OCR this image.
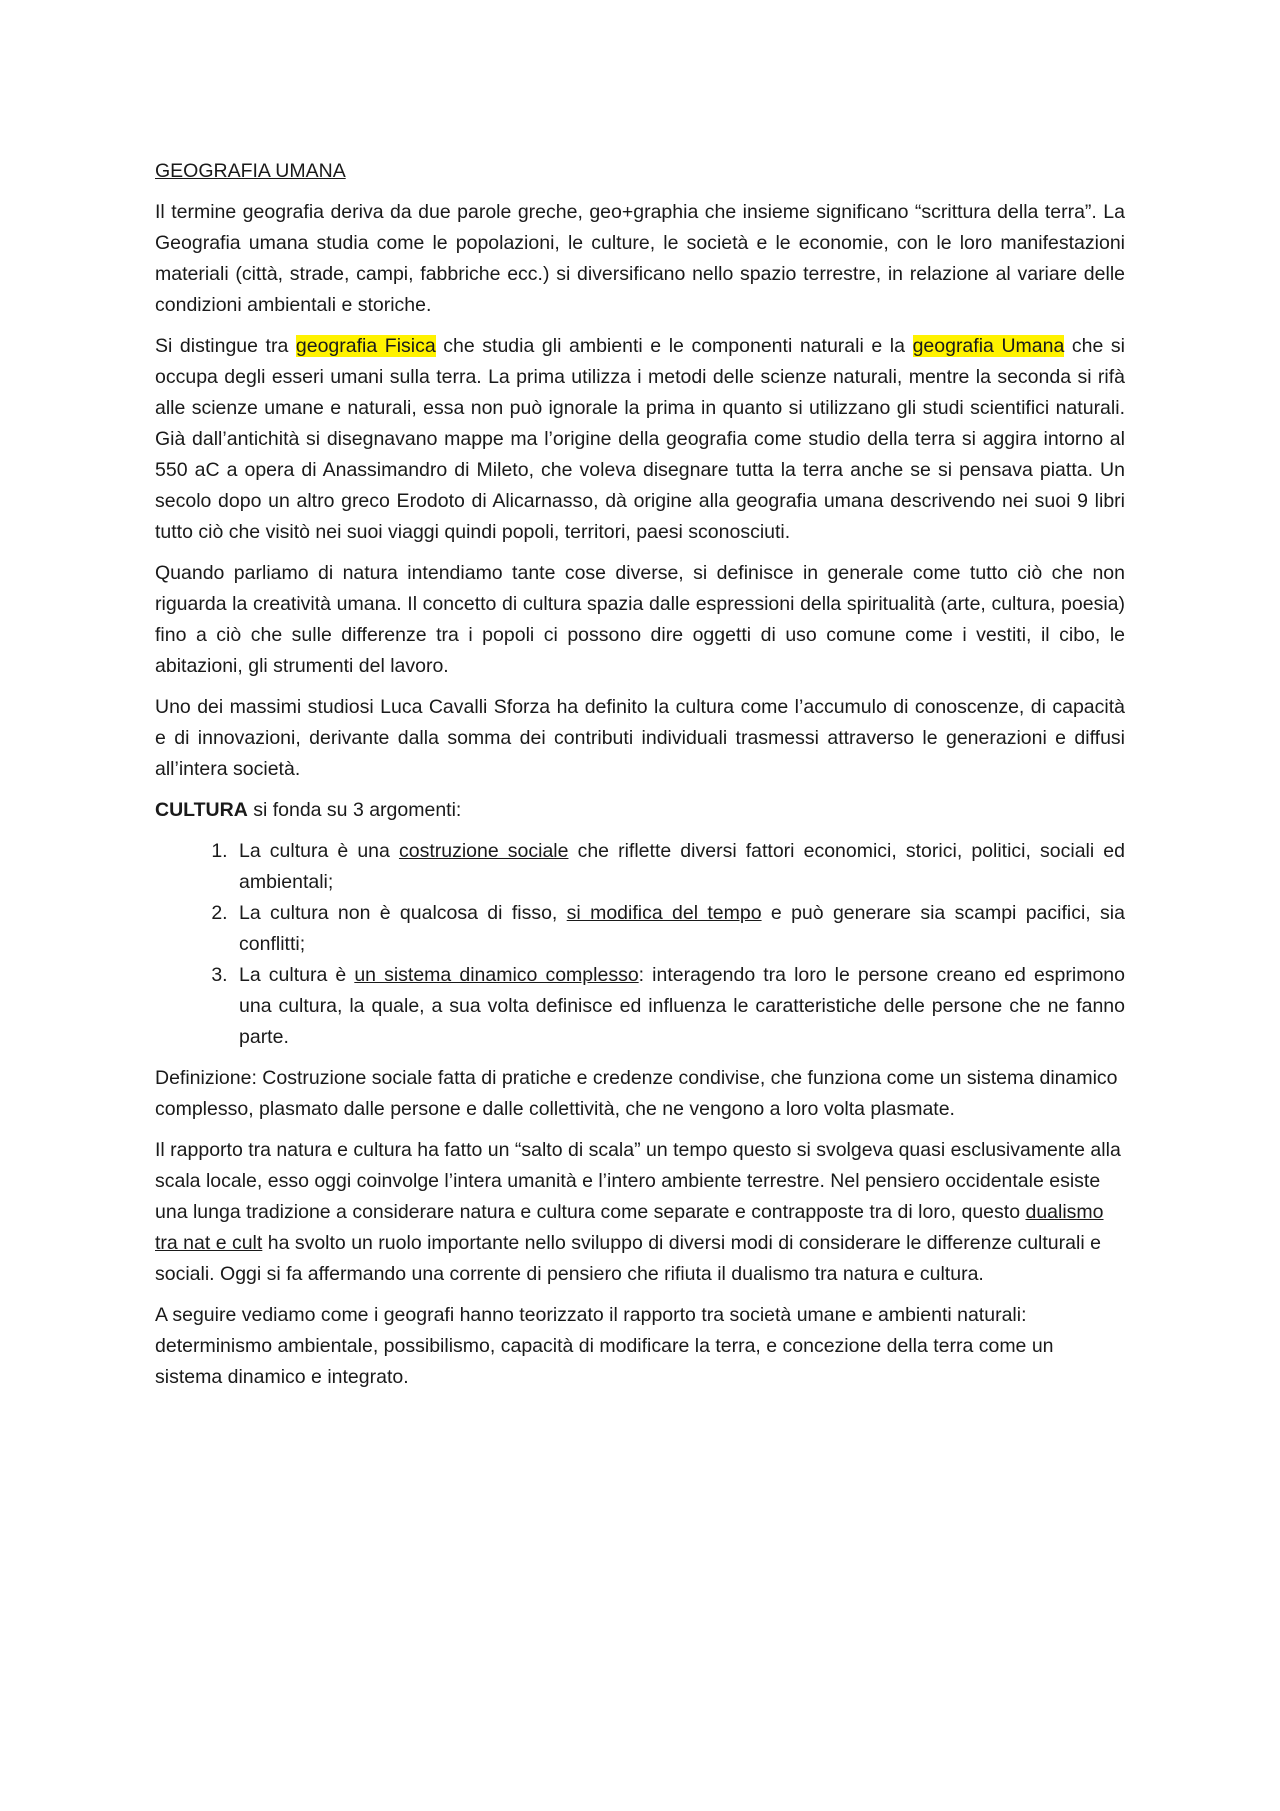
GEOGRAFIA UMANA

Il termine geografia deriva da due parole greche, geo+graphia che insieme significano “scrittura della terra”. La Geografia umana studia come le popolazioni, le culture, le società e le economie, con le loro manifestazioni materiali (città, strade, campi, fabbriche ecc.) si diversificano nello spazio terrestre, in relazione al variare delle condizioni ambientali e storiche.

Si distingue tra geografia Fisica che studia gli ambienti e le componenti naturali e la geografia Umana che si occupa degli esseri umani sulla terra. La prima utilizza i metodi delle scienze naturali, mentre la seconda si rifà alle scienze umane e naturali, essa non può ignorale la prima in quanto si utilizzano gli studi scientifici naturali. Già dall’antichità si disegnavano mappe ma l’origine della geografia come studio della terra si aggira intorno al 550 aC a opera di Anassimandro di Mileto, che voleva disegnare tutta la terra anche se si pensava piatta. Un secolo dopo un altro greco Erodoto di Alicarnasso, dà origine alla geografia umana descrivendo nei suoi 9 libri tutto ciò che visitò nei suoi viaggi quindi popoli, territori, paesi sconosciuti.

Quando parliamo di natura intendiamo tante cose diverse, si definisce in generale come tutto ciò che non riguarda la creatività umana. Il concetto di cultura spazia dalle espressioni della spiritualità (arte, cultura, poesia) fino a ciò che sulle differenze tra i popoli ci possono dire oggetti di uso comune come i vestiti, il cibo, le abitazioni, gli strumenti del lavoro.

Uno dei massimi studiosi Luca Cavalli Sforza ha definito la cultura come l’accumulo di conoscenze, di capacità e di innovazioni, derivante dalla somma dei contributi individuali trasmessi attraverso le generazioni e diffusi all’intera società.

CULTURA si fonda su 3 argomenti:

1. La cultura è una costruzione sociale che riflette diversi fattori economici, storici, politici, sociali ed ambientali;
2. La cultura non è qualcosa di fisso, si modifica del tempo e può generare sia scampi pacifici, sia conflitti;
3. La cultura è un sistema dinamico complesso: interagendo tra loro le persone creano ed esprimono una cultura, la quale, a sua volta definisce ed influenza le caratteristiche delle persone che ne fanno parte.

Definizione: Costruzione sociale fatta di pratiche e credenze condivise, che funziona come un sistema dinamico complesso, plasmato dalle persone e dalle collettività, che ne vengono a loro volta plasmate.

Il rapporto tra natura e cultura ha fatto un “salto di scala” un tempo questo si svolgeva quasi esclusivamente alla scala locale, esso oggi coinvolge l’intera umanità e l’intero ambiente terrestre. Nel pensiero occidentale esiste una lunga tradizione a considerare natura e cultura come separate e contrapposte tra di loro, questo dualismo tra nat e cult ha svolto un ruolo importante nello sviluppo di diversi modi di considerare le differenze culturali e sociali. Oggi si fa affermando una corrente di pensiero che rifiuta il dualismo tra natura e cultura.

A seguire vediamo come i geografi hanno teorizzato il rapporto tra società umane e ambienti naturali: determinismo ambientale, possibilismo, capacità di modificare la terra, e concezione della terra come un sistema dinamico e integrato.
